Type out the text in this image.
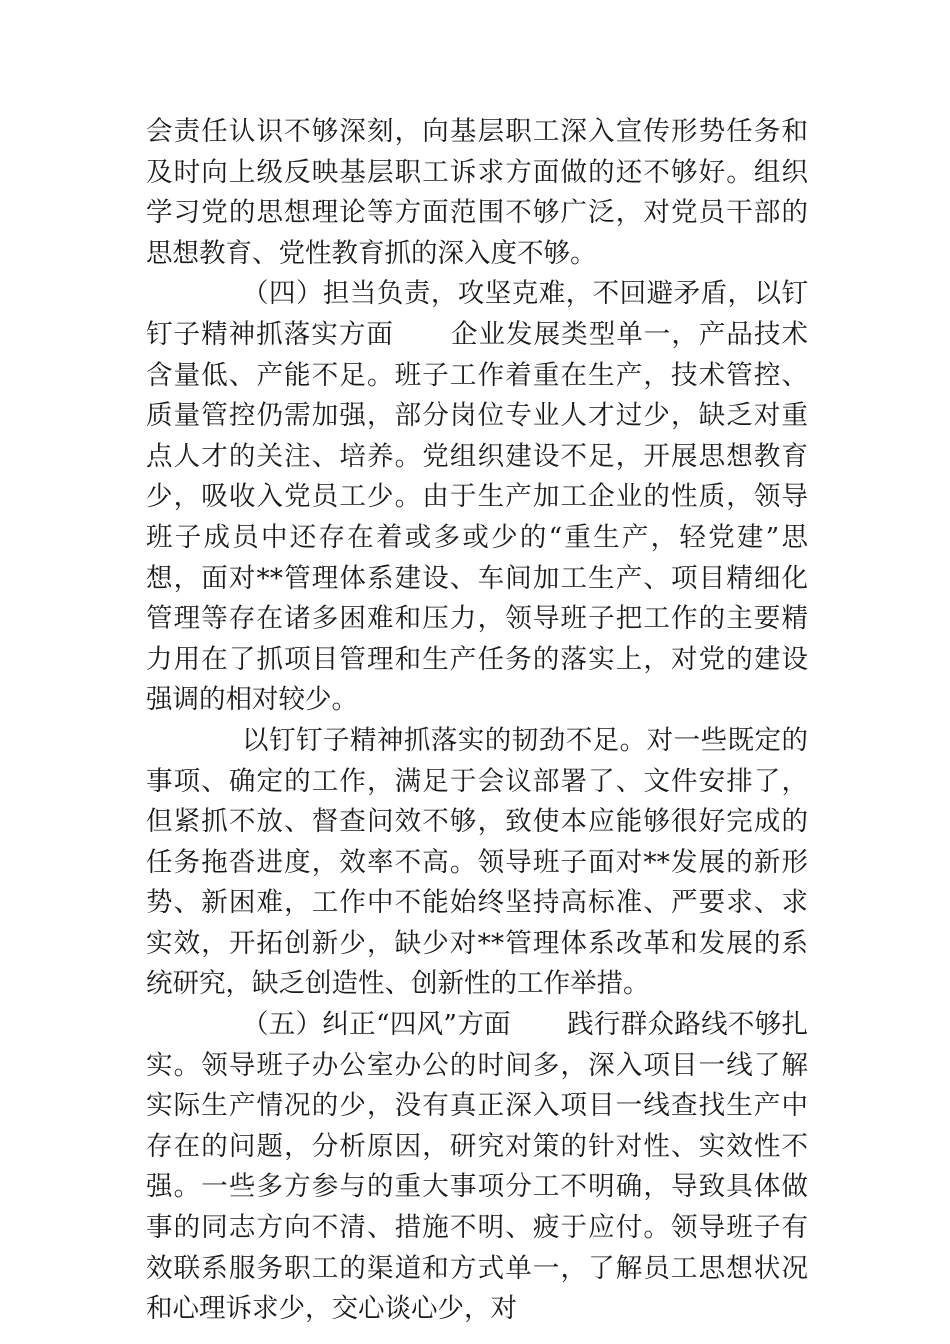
会责任认识不够深刻，向基层职工深入宣传形势任务和及时向上级反映基层职工诉求方面做的还不够好。组织学习党的思想理论等方面范围不够广泛，对党员干部的思想教育、党性教育抓的深入度不够。

（四）担当负责，攻坚克难，不回避矛盾，以钉钉子精神抓落实方面 企业发展类型单一，产品技术含量低、产能不足。班子工作着重在生产，技术管控、质量管控仍需加强，部分岗位专业人才过少，缺乏对重点人才的关注、培养。党组织建设不足，开展思想教育少，吸收入党员工少。由于生产加工企业的性质，领导班子成员中还存在着或多或少的“重生产，轻党建”思想，面对**管理体系建设、车间加工生产、项目精细化管理等存在诸多困难和压力，领导班子把工作的主要精力用在了抓项目管理和生产任务的落实上，对党的建设强调的相对较少。

以钉钉子精神抓落实的韧劲不足。对一些既定的事项、确定的工作，满足于会议部署了、文件安排了，但紧抓不放、督查问效不够，致使本应能够很好完成的任务拖沓进度，效率不高。领导班子面对**发展的新形势、新困难，工作中不能始终坚持高标准、严要求、求实效，开拓创新少，缺少对**管理体系改革和发展的系统研究，缺乏创造性、创新性的工作举措。

（五）纠正“四风”方面 践行群众路线不够扎实。领导班子办公室办公的时间多，深入项目一线了解实际生产情况的少，没有真正深入项目一线查找生产中存在的问题，分析原因，研究对策的针对性、实效性不强。一些多方参与的重大事项分工不明确，导致具体做事的同志方向不清、措施不明、疲于应付。领导班子有效联系服务职工的渠道和方式单一，了解员工思想状况和心理诉求少，交心谈心少，对
